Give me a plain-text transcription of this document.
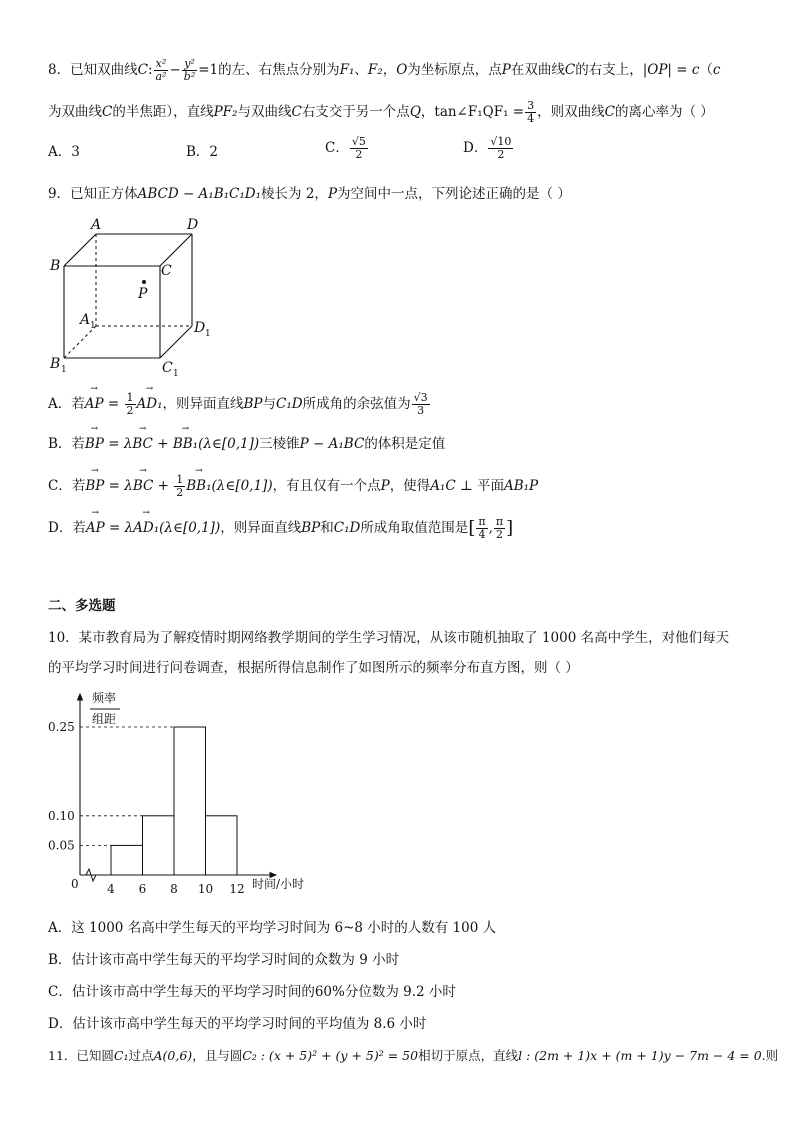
8．已知双曲线C: $\frac{\text{x²}}{\text{a²}} - \frac{\text{y²}}{\text{b²}} =1$的左、右焦点分别为F₁、F₂，O为坐标原点，点P在双曲线C的右支上，|OP| = c（c
为双曲线C的半焦距），直线PF₂与双曲线C右支交于另一个点Q，tan∠F₁QF₁ = $\frac{3}{4}$ ，则双曲线C的离心率为（ ）
A．3	B．2	C． $\frac{√5}{2}$	D． $\frac{√10}{2}$
9．已知正方体ABCD − A₁B₁C₁D₁棱长为 2，P为空间中一点，下列论述正确的是（ ）
A	D
B	C
P
A	D
B	C
1
1
1	1
A．若→ AP = $\frac{1}{2}$
→ AD₁，则异面直线BP与C₁D所成角的余弦值为 $\frac{√3}{3}$
B．若→ BP = λ→ BC + → BB₁(λ∈[0,1])三棱锥P − A₁BC的体积是定值
C．若→ BP = λ→ BC + $\frac{1}{2}$
→ BB₁(λ∈[0,1])，有且仅有一个点P，使得A₁C ⊥ 平面AB₁P
D．若→ AP = λ→ AD₁(λ∈[0,1])，则异面直线BP和C₁D所成角取值范围是[ $\frac{\pi}{4}$ , $\frac{\pi}{2}$ ]
二、多选题
10．某市教育局为了解疫情时期网络教学期间的学生学习情况，从该市随机抽取了 1000 名高中学生，对他们每天
的平均学习时间进行问卷调查，根据所得信息制作了如图所示的频率分布直方图，则（ ）
频率
组距
时间/小时
0
0.05
0.10
0.25
4 6 8 10 12
A．这 1000 名高中学生每天的平均学习时间为 6~8 小时的人数有 100 人
B．估计该市高中学生每天的平均学习时间的众数为 9 小时
C．估计该市高中学生每天的平均学习时间的60%分位数为 9.2 小时
D．估计该市高中学生每天的平均学习时间的平均值为 8.6 小时
11．已知圆C₁过点A(0,6)，且与圆C₂ : (x + 5)² + (y + 5)² = 50相切于原点，直线l : (2m + 1)x + (m + 1)y − 7m − 4 = 0.则
